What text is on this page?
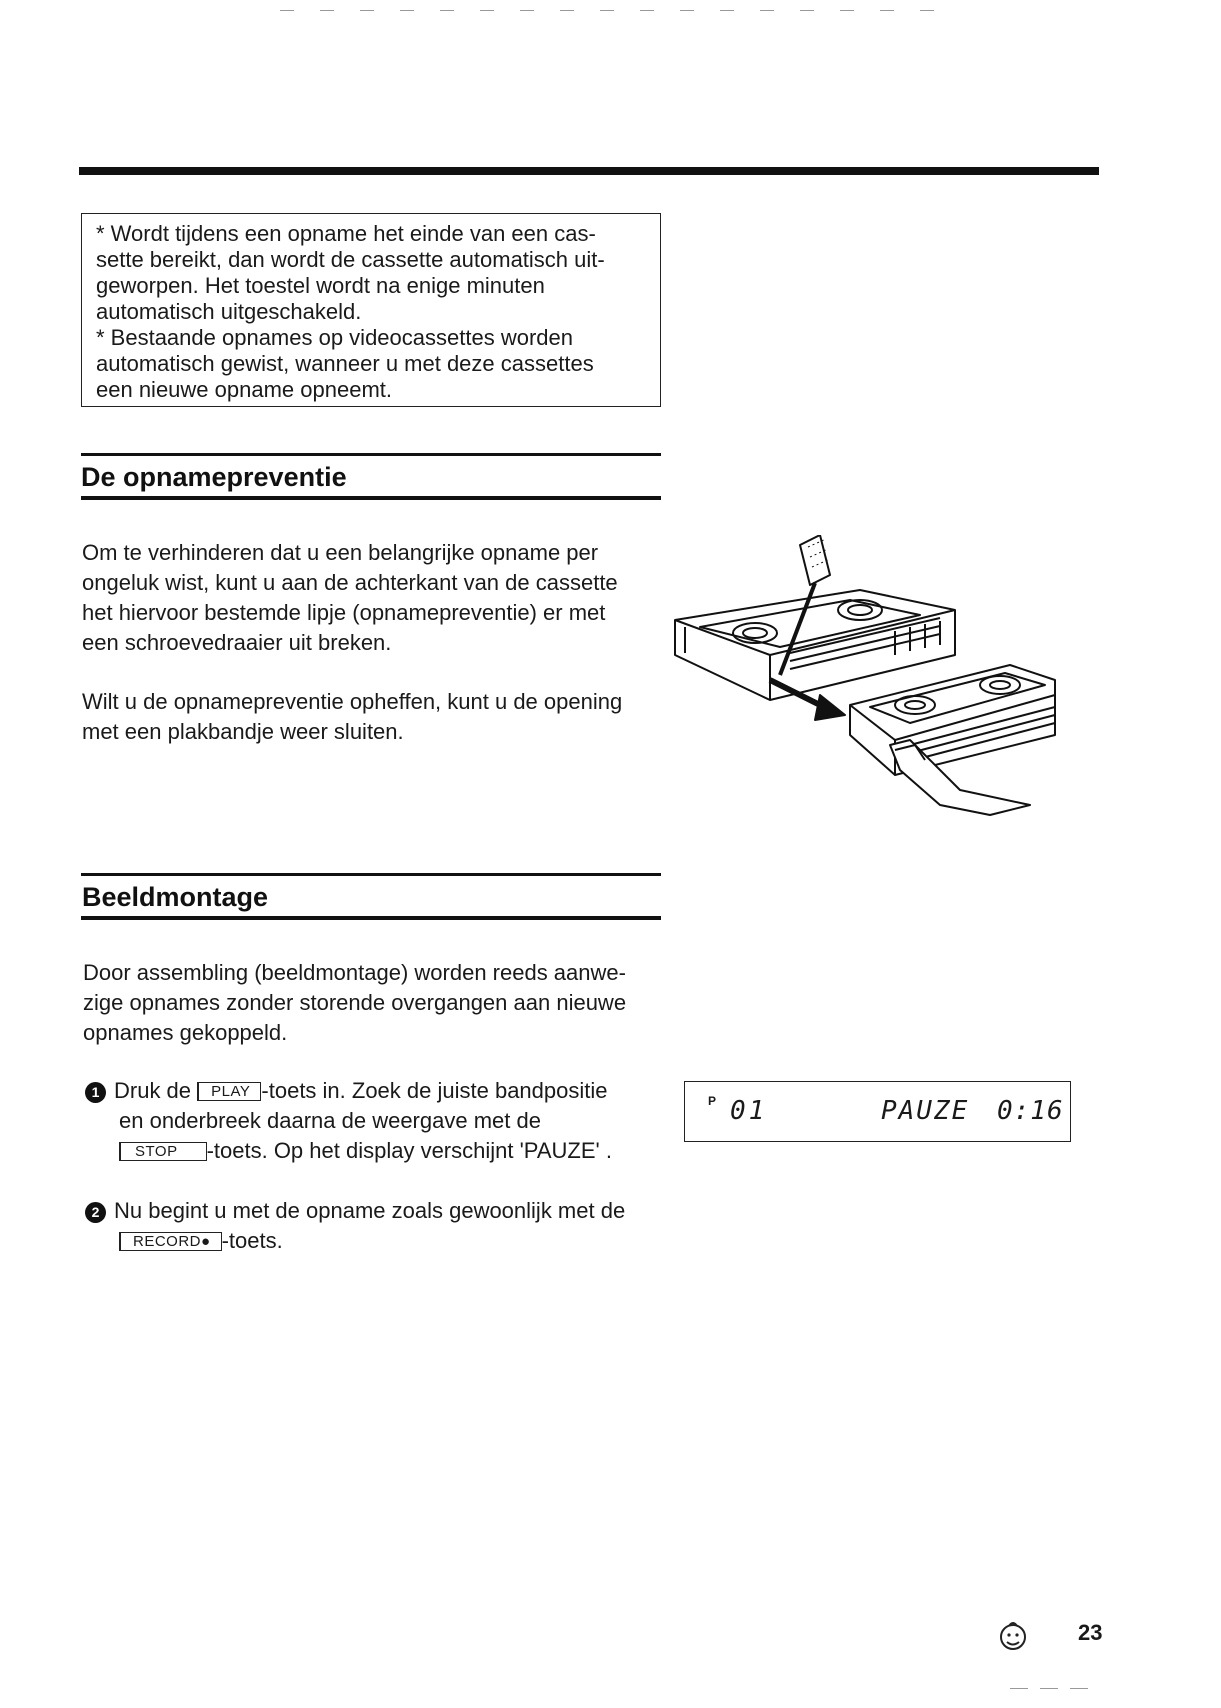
* Wordt tijdens een opname het einde van een cas-

sette bereikt, dan wordt de cassette automatisch uit-

geworpen. Het toestel wordt na enige minuten

automatisch uitgeschakeld.

* Bestaande opnames op videocassettes worden

automatisch gewist, wanneer u met deze cassettes

een nieuwe opname opneemt.

De opnamepreventie
Om te verhinderen dat u een belangrijke opname per
ongeluk wist, kunt u aan de achterkant van de cassette
het hiervoor bestemde lipje (opnamepreventie) er met
een schroevedraaier uit breken.
Wilt u de opnamepreventie opheffen, kunt u de opening
met een plakbandje weer sluiten.
Beeldmontage
Door assembling (beeldmontage) worden reeds aanwe-
zige opnames zonder storende overgangen aan nieuwe
opnames gekoppeld.
1 Druk de PLAY -toets in. Zoek de juiste bandpositie
en onderbreek daarna de weergave met de
STOP -toets. Op het display verschijnt 'PAUZE' .
2 Nu begint u met de opname zoals gewoonlijk met de
RECORD● -toets.
P 01	PAUZE 0:16
23
